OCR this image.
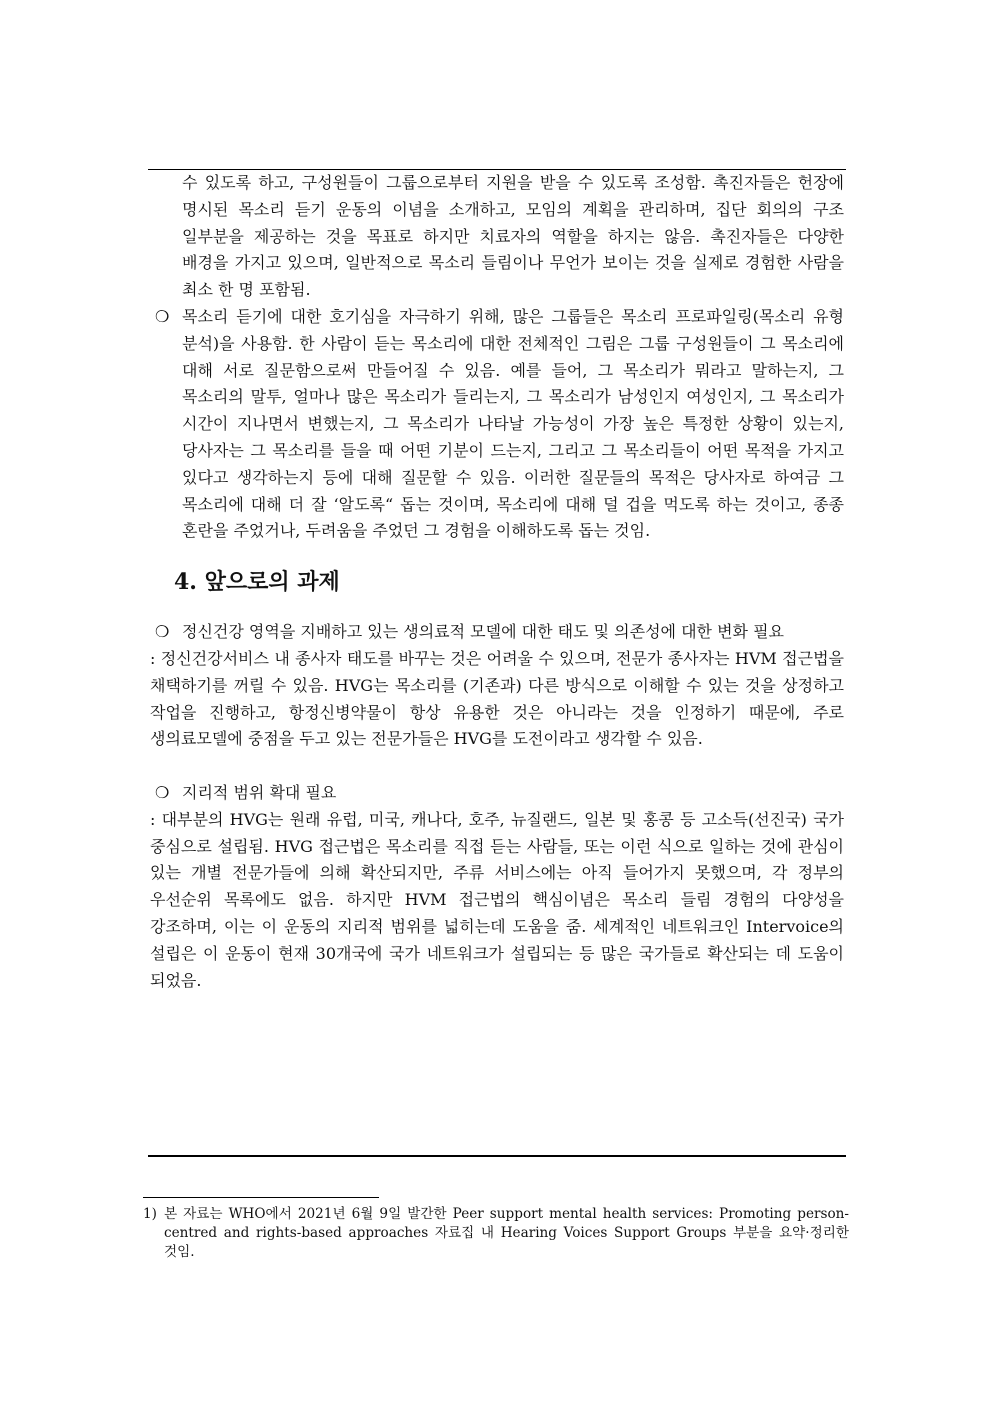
수 있도록 하고, 구성원들이 그룹으로부터 지원을 받을 수 있도록 조성함. 촉진자들은 헌장에 명시된 목소리 듣기 운동의 이념을 소개하고, 모임의 계획을 관리하며, 집단 회의의 구조 일부분을 제공하는 것을 목표로 하지만 치료자의 역할을 하지는 않음. 촉진자들은 다양한 배경을 가지고 있으며, 일반적으로 목소리 들림이나 무언가 보이는 것을 실제로 경험한 사람을 최소 한 명 포함됨.

❍ 목소리 듣기에 대한 호기심을 자극하기 위해, 많은 그룹들은 목소리 프로파일링(목소리 유형 분석)을 사용함. 한 사람이 듣는 목소리에 대한 전체적인 그림은 그룹 구성원들이 그 목소리에 대해 서로 질문함으로써 만들어질 수 있음. 예를 들어, 그 목소리가 뭐라고 말하는지, 그 목소리의 말투, 얼마나 많은 목소리가 들리는지, 그 목소리가 남성인지 여성인지, 그 목소리가 시간이 지나면서 변했는지, 그 목소리가 나타날 가능성이 가장 높은 특정한 상황이 있는지, 당사자는 그 목소리를 들을 때 어떤 기분이 드는지, 그리고 그 목소리들이 어떤 목적을 가지고 있다고 생각하는지 등에 대해 질문할 수 있음. 이러한 질문들의 목적은 당사자로 하여금 그 목소리에 대해 더 잘 ‘알도록“ 돕는 것이며, 목소리에 대해 덜 겁을 먹도록 하는 것이고, 종종 혼란을 주었거나, 두려움을 주었던 그 경험을 이해하도록 돕는 것임.
4. 앞으로의 과제
❍ 정신건강 영역을 지배하고 있는 생의료적 모델에 대한 태도 및 의존성에 대한 변화 필요

: 정신건강서비스 내 종사자 태도를 바꾸는 것은 어려울 수 있으며, 전문가 종사자는 HVM 접근법을 채택하기를 꺼릴 수 있음. HVG는 목소리를 (기존과) 다른 방식으로 이해할 수 있는 것을 상정하고 작업을 진행하고, 항정신병약물이 항상 유용한 것은 아니라는 것을 인정하기 때문에, 주로 생의료모델에 중점을 두고 있는 전문가들은 HVG를 도전이라고 생각할 수 있음.

❍ 지리적 범위 확대 필요

: 대부분의 HVG는 원래 유럽, 미국, 캐나다, 호주, 뉴질랜드, 일본 및 홍콩 등 고소득(선진국) 국가 중심으로 설립됨. HVG 접근법은 목소리를 직접 듣는 사람들, 또는 이런 식으로 일하는 것에 관심이 있는 개별 전문가들에 의해 확산되지만, 주류 서비스에는 아직 들어가지 못했으며, 각 정부의 우선순위 목록에도 없음. 하지만 HVM 접근법의 핵심이념은 목소리 들림 경험의 다양성을 강조하며, 이는 이 운동의 지리적 범위를 넓히는데 도움을 줌. 세계적인 네트워크인 Intervoice의 설립은 이 운동이 현재 30개국에 국가 네트워크가 설립되는 등 많은 국가들로 확산되는 데 도움이 되었음.

1) 본 자료는 WHO에서 2021년 6월 9일 발간한 Peer support mental health services: Promoting person-centred and rights-based approaches 자료집 내 Hearing Voices Support Groups 부분을 요약·정리한 것임.
